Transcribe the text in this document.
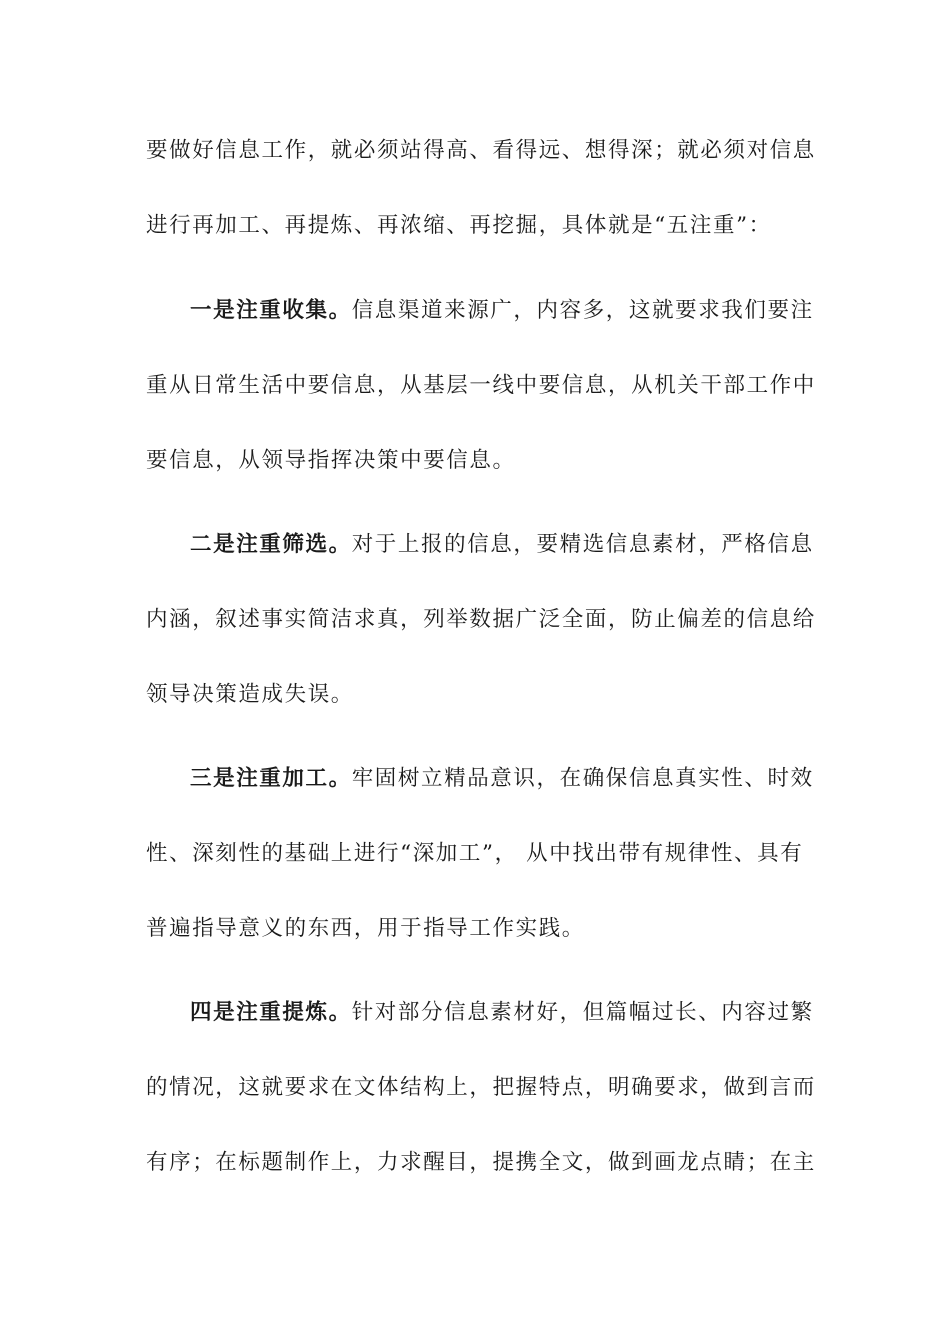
要做好信息工作，就必须站得高、看得远、想得深；就必须对信息
进行再加工、再提炼、再浓缩、再挖掘，具体就是“五注重”：
一是注重收集。信息渠道来源广，内容多，这就要求我们要注
重从日常生活中要信息，从基层一线中要信息，从机关干部工作中
要信息，从领导指挥决策中要信息。
二是注重筛选。对于上报的信息，要精选信息素材，严格信息
内涵，叙述事实简洁求真，列举数据广泛全面，防止偏差的信息给
领导决策造成失误。
三是注重加工。牢固树立精品意识，在确保信息真实性、时效
性、深刻性的基础上进行“深加工”， 从中找出带有规律性、具有
普遍指导意义的东西，用于指导工作实践。
四是注重提炼。针对部分信息素材好，但篇幅过长、内容过繁
的情况，这就要求在文体结构上，把握特点，明确要求，做到言而
有序；在标题制作上，力求醒目，提携全文，做到画龙点睛；在主
